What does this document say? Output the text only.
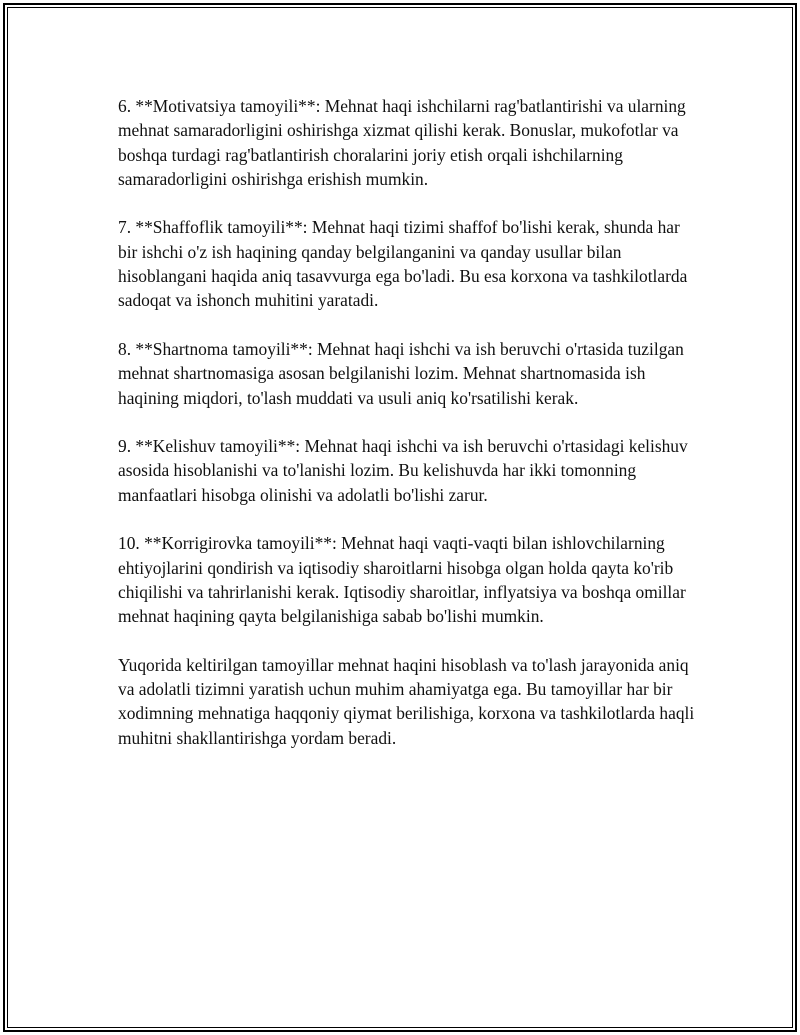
6. **Motivatsiya tamoyili**: Mehnat haqi ishchilarni rag'batlantirishi va ularning mehnat samaradorligini oshirishga xizmat qilishi kerak. Bonuslar, mukofotlar va boshqa turdagi rag'batlantirish choralarini joriy etish orqali ishchilarning samaradorligini oshirishga erishish mumkin.

7. **Shaffoflik tamoyili**: Mehnat haqi tizimi shaffof bo'lishi kerak, shunda har bir ishchi o'z ish haqining qanday belgilanganini va qanday usullar bilan hisoblangani haqida aniq tasavvurga ega bo'ladi. Bu esa korxona va tashkilotlarda sadoqat va ishonch muhitini yaratadi.

8. **Shartnoma tamoyili**: Mehnat haqi ishchi va ish beruvchi o'rtasida tuzilgan mehnat shartnomasiga asosan belgilanishi lozim. Mehnat shartnomasida ish haqining miqdori, to'lash muddati va usuli aniq ko'rsatilishi kerak.

9. **Kelishuv tamoyili**: Mehnat haqi ishchi va ish beruvchi o'rtasidagi kelishuv asosida hisoblanishi va to'lanishi lozim. Bu kelishuvda har ikki tomonning manfaatlari hisobga olinishi va adolatli bo'lishi zarur.

10. **Korrigirovka tamoyili**: Mehnat haqi vaqti-vaqti bilan ishlovchilarning ehtiyojlarini qondirish va iqtisodiy sharoitlarni hisobga olgan holda qayta ko'rib chiqilishi va tahrirlanishi kerak. Iqtisodiy sharoitlar, inflyatsiya va boshqa omillar mehnat haqining qayta belgilanishiga sabab bo'lishi mumkin.

Yuqorida keltirilgan tamoyillar mehnat haqini hisoblash va to'lash jarayonida aniq va adolatli tizimni yaratish uchun muhim ahamiyatga ega. Bu tamoyillar har bir xodimning mehnatiga haqqoniy qiymat berilishiga, korxona va tashkilotlarda haqli muhitni shakllantirishga yordam beradi.
